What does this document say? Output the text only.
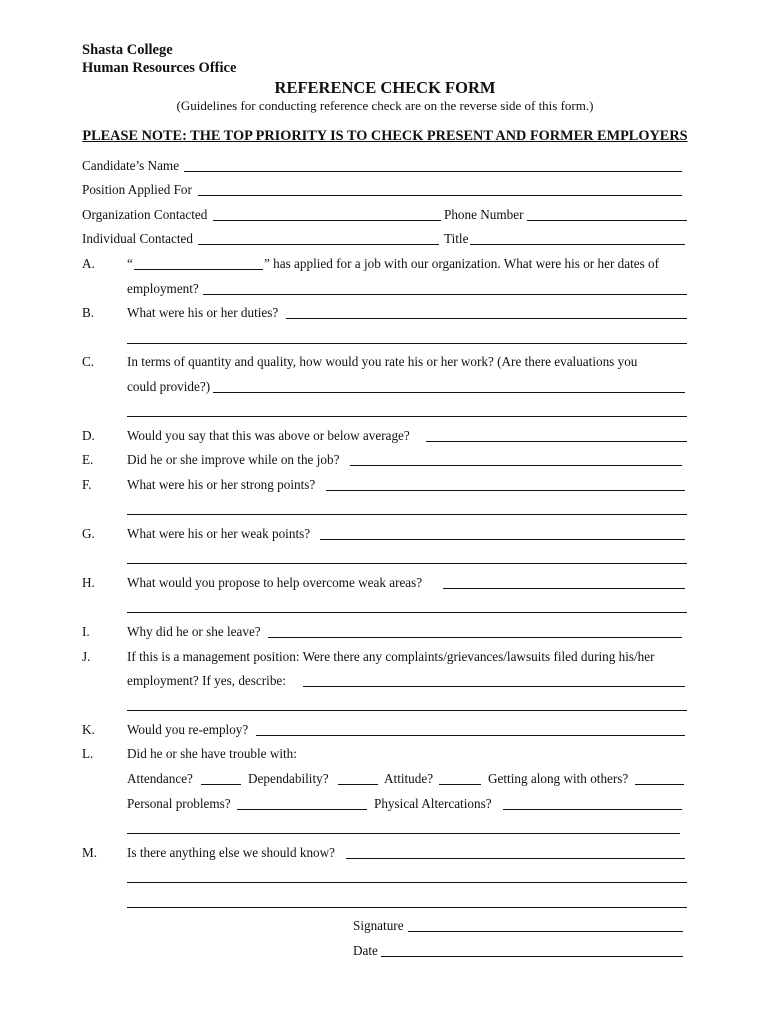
Shasta College
Human Resources Office
REFERENCE CHECK FORM
(Guidelines for conducting reference check are on the reverse side of this form.)
PLEASE NOTE: THE TOP PRIORITY IS TO CHECK PRESENT AND FORMER EMPLOYERS
Candidate’s Name
Position Applied For
Organization Contacted	Phone Number
Individual Contacted	Title
A. “	” has applied for a job with our organization. What were his or her dates of
employment?
B. What were his or her duties?
C. In terms of quantity and quality, how would you rate his or her work? (Are there evaluations you
could provide?)
D. Would you say that this was above or below average?
E.	Did he or she improve while on the job?
F.	What were his or her strong points?
G. What were his or her weak points?
H. What would you propose to help overcome weak areas?
I.	Why did he or she leave?
J.	If this is a management position: Were there any complaints/grievances/lawsuits filed during his/her
employment? If yes, describe:
K. Would you re-employ?
L.	Did he or she have trouble with:
Attendance?	Dependability?	Attitude?	Getting along with others?
Personal problems?	Physical Altercations?
M. Is there anything else we should know?
Signature
Date
